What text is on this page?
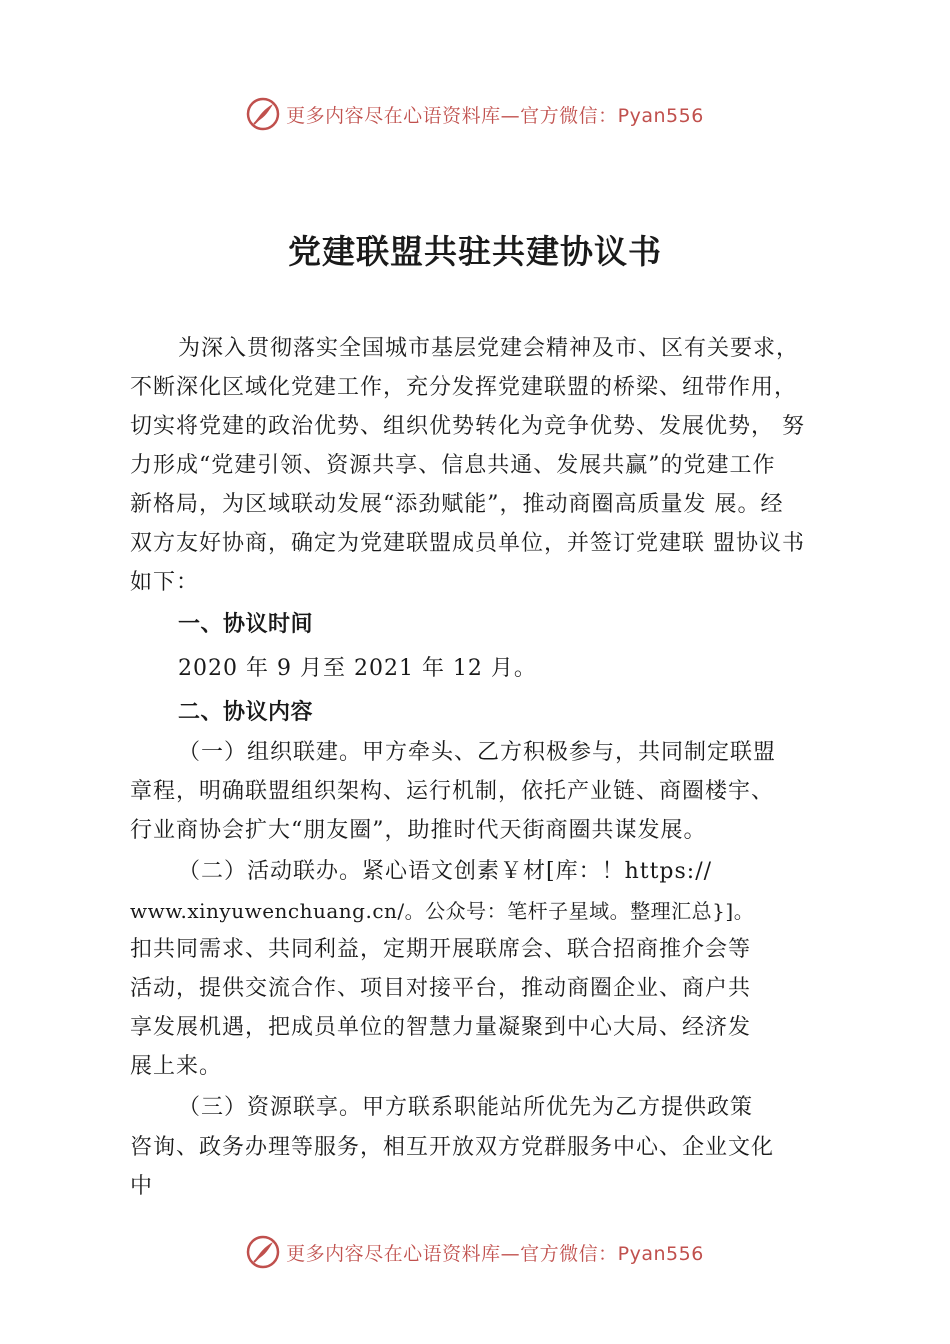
更多内容尽在心语资料库—官方微信：Pyan556
党建联盟共驻共建协议书
为深入贯彻落实全国城市基层党建会精神及市、区有关要求，
不断深化区域化党建工作，充分发挥党建联盟的桥梁、纽带作用，
切实将党建的政治优势、组织优势转化为竞争优势、发展优势， 努
力形成“党建引领、资源共享、信息共通、发展共赢”的党建工作
新格局，为区域联动发展“添劲赋能”，推动商圈高质量发 展。经
双方友好协商，确定为党建联盟成员单位，并签订党建联 盟协议书
如下：
一、协议时间
2020 年 9 月至 2021 年 12 月。
二、协议内容
（一）组织联建。甲方牵头、乙方积极参与，共同制定联盟
章程，明确联盟组织架构、运行机制，依托产业链、商圈楼宇、
行业商协会扩大“朋友圈”，助推时代天街商圈共谋发展。
（二）活动联办。紧心语文创素￥材[库：！https://
www.xinyuwenchuang.cn/。公众号：笔杆子星域。整理汇总}]。
扣共同需求、共同利益，定期开展联席会、联合招商推介会等
活动，提供交流合作、项目对接平台，推动商圈企业、商户共
享发展机遇，把成员单位的智慧力量凝聚到中心大局、经济发
展上来。
（三）资源联享。甲方联系职能站所优先为乙方提供政策
咨询、政务办理等服务，相互开放双方党群服务中心、企业文化
中
更多内容尽在心语资料库—官方微信：Pyan556
